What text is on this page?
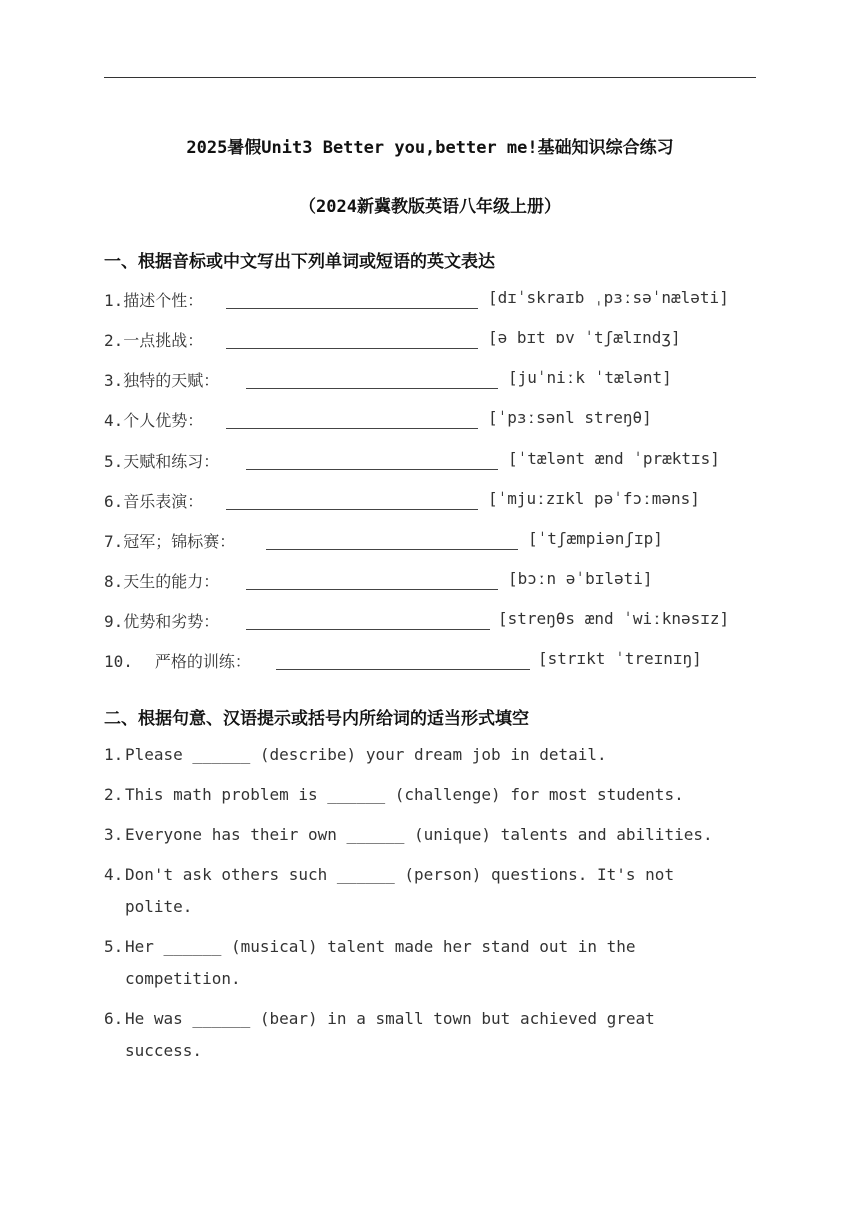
2025暑假Unit3 Better you,better me!基础知识综合练习
（2024新冀教版英语八年级上册）
一、根据音标或中文写出下列单词或短语的英文表达
1.描述个性：	[dɪˈskraɪb ˌpɜːsəˈnæləti]
2.一点挑战：	[ə bɪt ɒv ˈtʃælɪndʒ]
3.独特的天赋：	[juˈniːk ˈtælənt]
4.个人优势：	[ˈpɜːsənl streŋθ]
5.天赋和练习：	[ˈtælənt ænd ˈpræktɪs]
6.音乐表演：	[ˈmjuːzɪkl pəˈfɔːməns]
7.冠军；锦标赛：	[ˈtʃæmpiənʃɪp]
8.天生的能力：	[bɔːn əˈbɪləti]
9.优势和劣势：	[streŋθs ænd ˈwiːknəsɪz]
10. 严格的训练：	[strɪkt ˈtreɪnɪŋ]
二、根据句意、汉语提示或括号内所给词的适当形式填空
1. Please ______ (describe) your dream job in detail.
2. This math problem is ______ (challenge) for most students.
3. Everyone has their own ______ (unique) talents and abilities.
4. Don't ask others such ______ (person) questions. It's not polite.
5. Her ______ (musical) talent made her stand out in the competition.
6. He was ______ (bear) in a small town but achieved great success.
